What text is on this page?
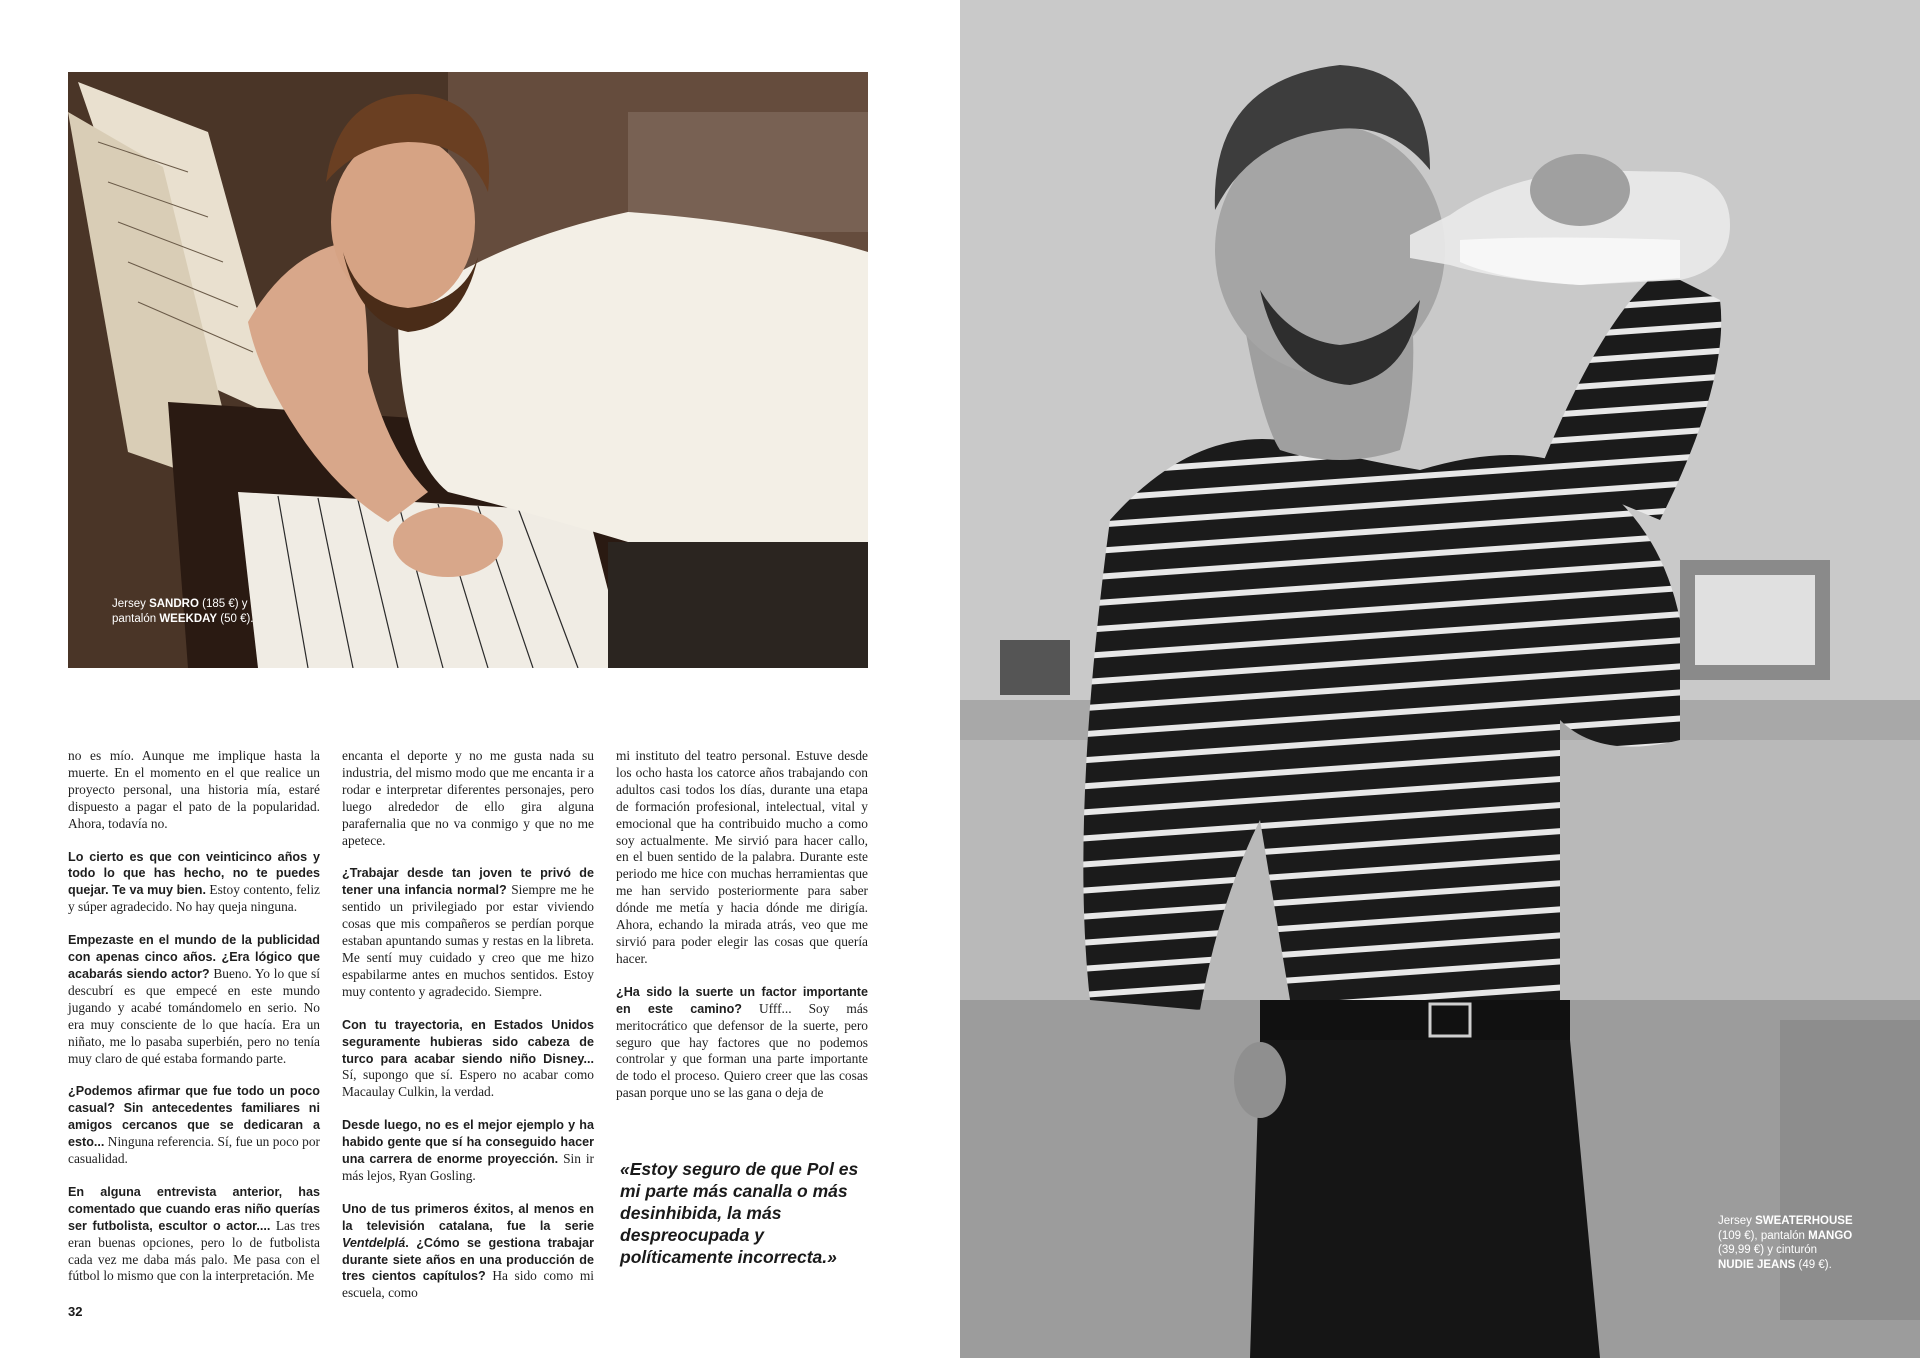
Jersey SANDRO (185 €) y
pantalón WEEKDAY (50 €).

no es mío. Aunque me implique hasta la muerte. En el momento en el que realice un proyecto personal, una historia mía, estaré dispuesto a pagar el pato de la popularidad. Ahora, todavía no.

Lo cierto es que con veinticinco años y todo lo que has hecho, no te puedes quejar. Te va muy bien. Estoy contento, feliz y súper agradecido. No hay queja ninguna.

Empezaste en el mundo de la publicidad con apenas cinco años. ¿Era lógico que acabarás siendo actor? Bueno. Yo lo que sí descubrí es que empecé en este mundo jugando y acabé tomándomelo en serio. No era muy consciente de lo que hacía. Era un niñato, me lo pasaba superbién, pero no tenía muy claro de qué estaba formando parte.

¿Podemos afirmar que fue todo un poco casual? Sin antecedentes familiares ni amigos cercanos que se dedicaran a esto... Ninguna referencia. Sí, fue un poco por casualidad.

En alguna entrevista anterior, has comentado que cuando eras niño querías ser futbolista, escultor o actor.... Las tres eran buenas opciones, pero lo de futbolista cada vez me daba más palo. Me pasa con el fútbol lo mismo que con la interpretación. Me

encanta el deporte y no me gusta nada su industria, del mismo modo que me encanta ir a rodar e interpretar diferentes personajes, pero luego alrededor de ello gira alguna parafernalia que no va conmigo y que no me apetece.

¿Trabajar desde tan joven te privó de tener una infancia normal? Siempre me he sentido un privilegiado por estar viviendo cosas que mis compañeros se perdían porque estaban apuntando sumas y restas en la libreta. Me sentí muy cuidado y creo que me hizo espabilarme antes en muchos sentidos. Estoy muy contento y agradecido. Siempre.

Con tu trayectoria, en Estados Unidos seguramente hubieras sido cabeza de turco para acabar siendo niño Disney... Sí, supongo que sí. Espero no acabar como Macaulay Culkin, la verdad.

Desde luego, no es el mejor ejemplo y ha habido gente que sí ha conseguido hacer una carrera de enorme proyección. Sin ir más lejos, Ryan Gosling.

Uno de tus primeros éxitos, al menos en la televisión catalana, fue la serie Ventdelplá. ¿Cómo se gestiona trabajar durante siete años en una producción de tres cientos capítulos? Ha sido como mi escuela, como

mi instituto del teatro personal. Estuve desde los ocho hasta los catorce años trabajando con adultos casi todos los días, durante una etapa de formación profesional, intelectual, vital y emocional que ha contribuido mucho a como soy actualmente. Me sirvió para hacer callo, en el buen sentido de la palabra. Durante este periodo me hice con muchas herramientas que me han servido posteriormente para saber dónde me metía y hacia dónde me dirigía. Ahora, echando la mirada atrás, veo que me sirvió para poder elegir las cosas que quería hacer.

¿Ha sido la suerte un factor importante en este camino? Ufff... Soy más meritocrático que defensor de la suerte, pero seguro que hay factores que no podemos controlar y que forman una parte importante de todo el proceso. Quiero creer que las cosas pasan porque uno se las gana o deja de

«Estoy seguro de que Pol es mi parte más canalla o más desinhibida, la más despreocupada y políticamente incorrecta.»
32
Jersey SWEATERHOUSE
(109 €), pantalón MANGO
(39,99 €) y cinturón
NUDIE JEANS (49 €).
